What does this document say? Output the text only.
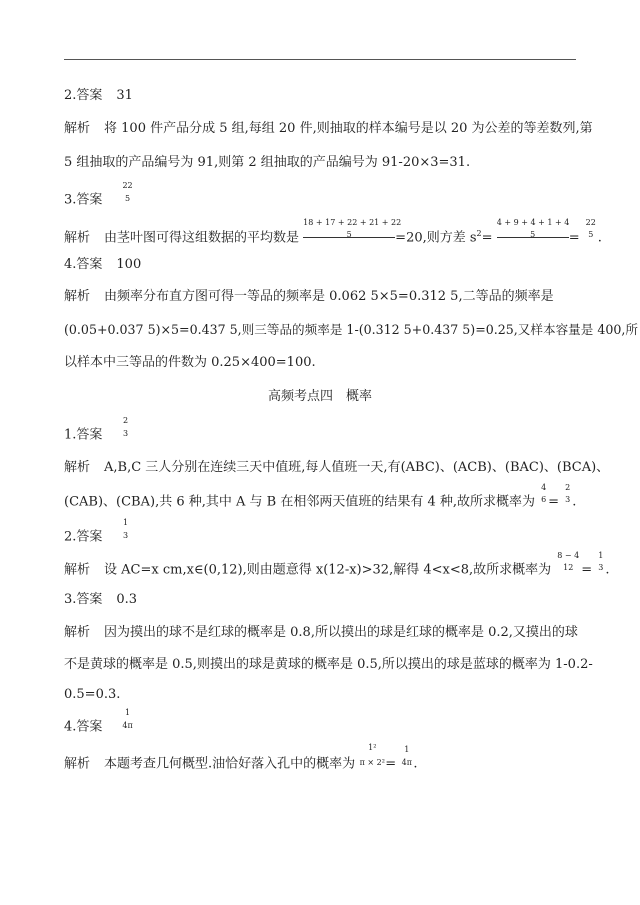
2.答案 31
解析 将 100 件产品分成 5 组,每组 20 件,则抽取的样本编号是以 20 为公差的等差数列,第
5 组抽取的产品编号为 91,则第 2 组抽取的产品编号为 91-20×3=31.
3.答案
22
5
解析 由茎叶图可得这组数据的平均数是 $\frac{18 + 17 + 22 + 21 + 22}{5} =20$,则方差 $s^2= \frac{4 + 9 + 4 + 1 + 4}{5}$ =
22
5 .
4.答案 100
解析 由频率分布直方图可得一等品的频率是 0.062 5×5=0.312 5,二等品的频率是
(0.05+0.037 5)×5=0.437 5,则三等品的频率是 1-(0.312 5+0.437 5)=0.25,又样本容量是 400,所
以样本中三等品的件数为 0.25×400=100.
高频考点四　概率
1.答案
2
3
解析 A,B,C 三人分别在连续三天中值班,每人值班一天,有(ABC)、(ACB)、(BAC)、(BCA)、
(CAB)、(CBA),共 6 种,其中 A 与 B 在相邻两天值班的结果有 4 种,故所求概率为
4
6 =
2
3 .
2.答案
1
3
解析 设 AC=x cm,x∈(0,12),则由题意得 x(12-x)>32,解得 4<x<8,故所求概率为
8 − 4
12 =
1
3 .
3.答案 0.3
解析 因为摸出的球不是红球的概率是 0.8,所以摸出的球是红球的概率是 0.2,又摸出的球
不是黄球的概率是 0.5,则摸出的球是黄球的概率是 0.5,所以摸出的球是蓝球的概率为 1-0.2-
0.5=0.3.
4.答案
1
4π
解析 本题考查几何概型.油恰好落入孔中的概率为
1²
π × 2² =
1
4π .
